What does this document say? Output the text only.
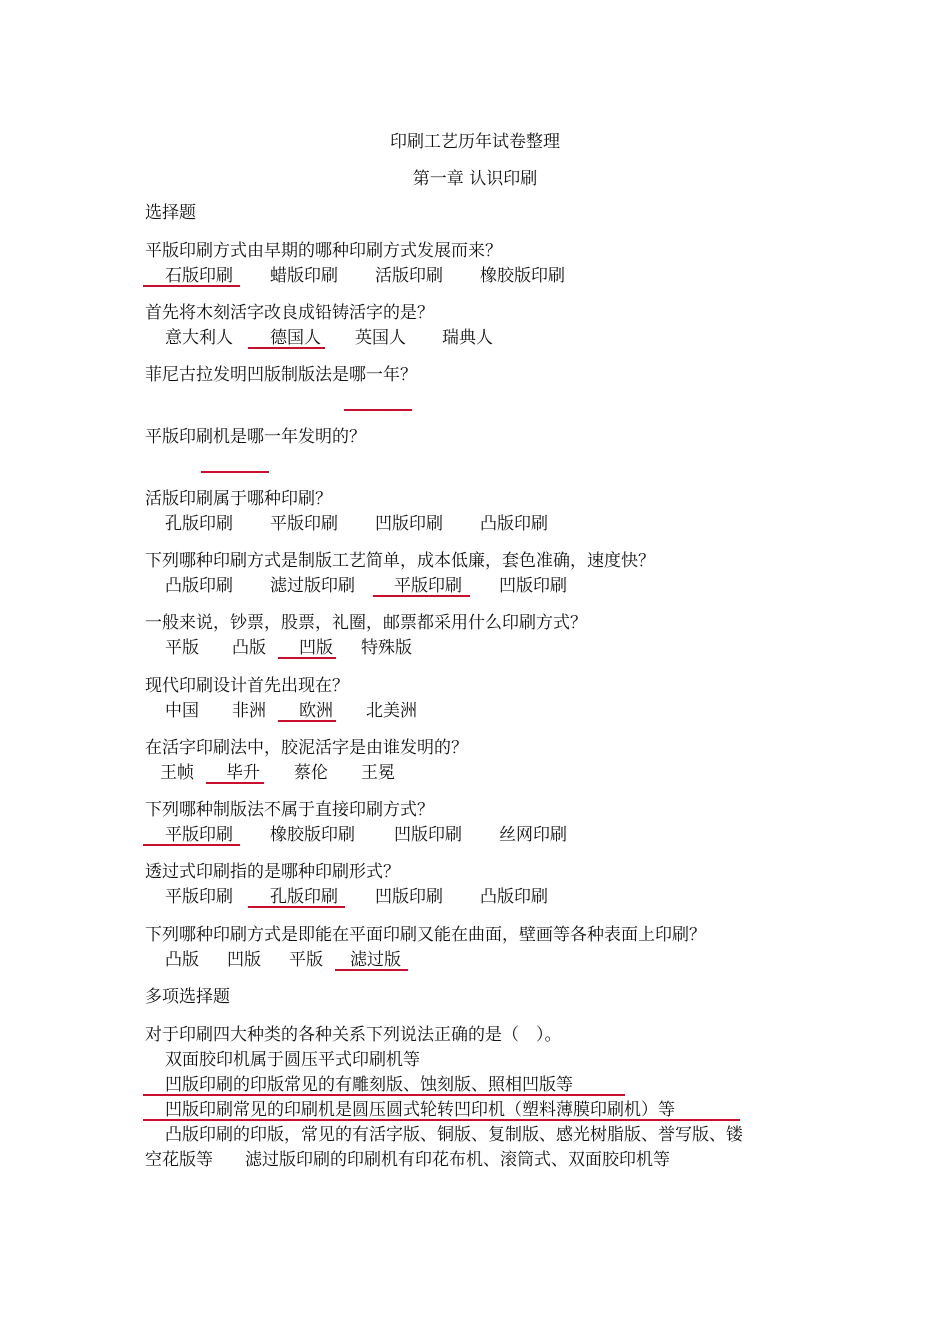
印刷工艺历年试卷整理
第一章 认识印刷
选择题
平版印刷方式由早期的哪种印刷方式发展而来？
石版印刷 蜡版印刷 活版印刷 橡胶版印刷
首先将木刻活字改良成铅铸活字的是？
意大利人 德国人 英国人 瑞典人
菲尼古拉发明凹版制版法是哪一年？
平版印刷机是哪一年发明的？
活版印刷属于哪种印刷？
孔版印刷 平版印刷 凹版印刷 凸版印刷
下列哪种印刷方式是制版工艺简单，成本低廉，套色准确，速度快？
凸版印刷 滤过版印刷 平版印刷 凹版印刷
一般来说，钞票，股票，礼圈，邮票都采用什么印刷方式？
平版 凸版 凹版 特殊版
现代印刷设计首先出现在？
中国 非洲 欧洲 北美洲
在活字印刷法中，胶泥活字是由谁发明的？
王帧 毕升 蔡伦 王冕
下列哪种制版法不属于直接印刷方式？
平版印刷 橡胶版印刷 凹版印刷 丝网印刷
透过式印刷指的是哪种印刷形式？
平版印刷 孔版印刷 凹版印刷 凸版印刷
下列哪种印刷方式是即能在平面印刷又能在曲面，壁画等各种表面上印刷？
凸版 凹版 平版 滤过版
多项选择题
对于印刷四大种类的各种关系下列说法正确的是（　）。
双面胶印机属于圆压平式印刷机等
凹版印刷的印版常见的有雕刻版、蚀刻版、照相凹版等
凹版印刷常见的印刷机是圆压圆式轮转凹印机（塑料薄膜印刷机）等
凸版印刷的印版，常见的有活字版、铜版、复制版、感光树脂版、誉写版、镂
空花版等 滤过版印刷的印刷机有印花布机、滚筒式、双面胶印机等
